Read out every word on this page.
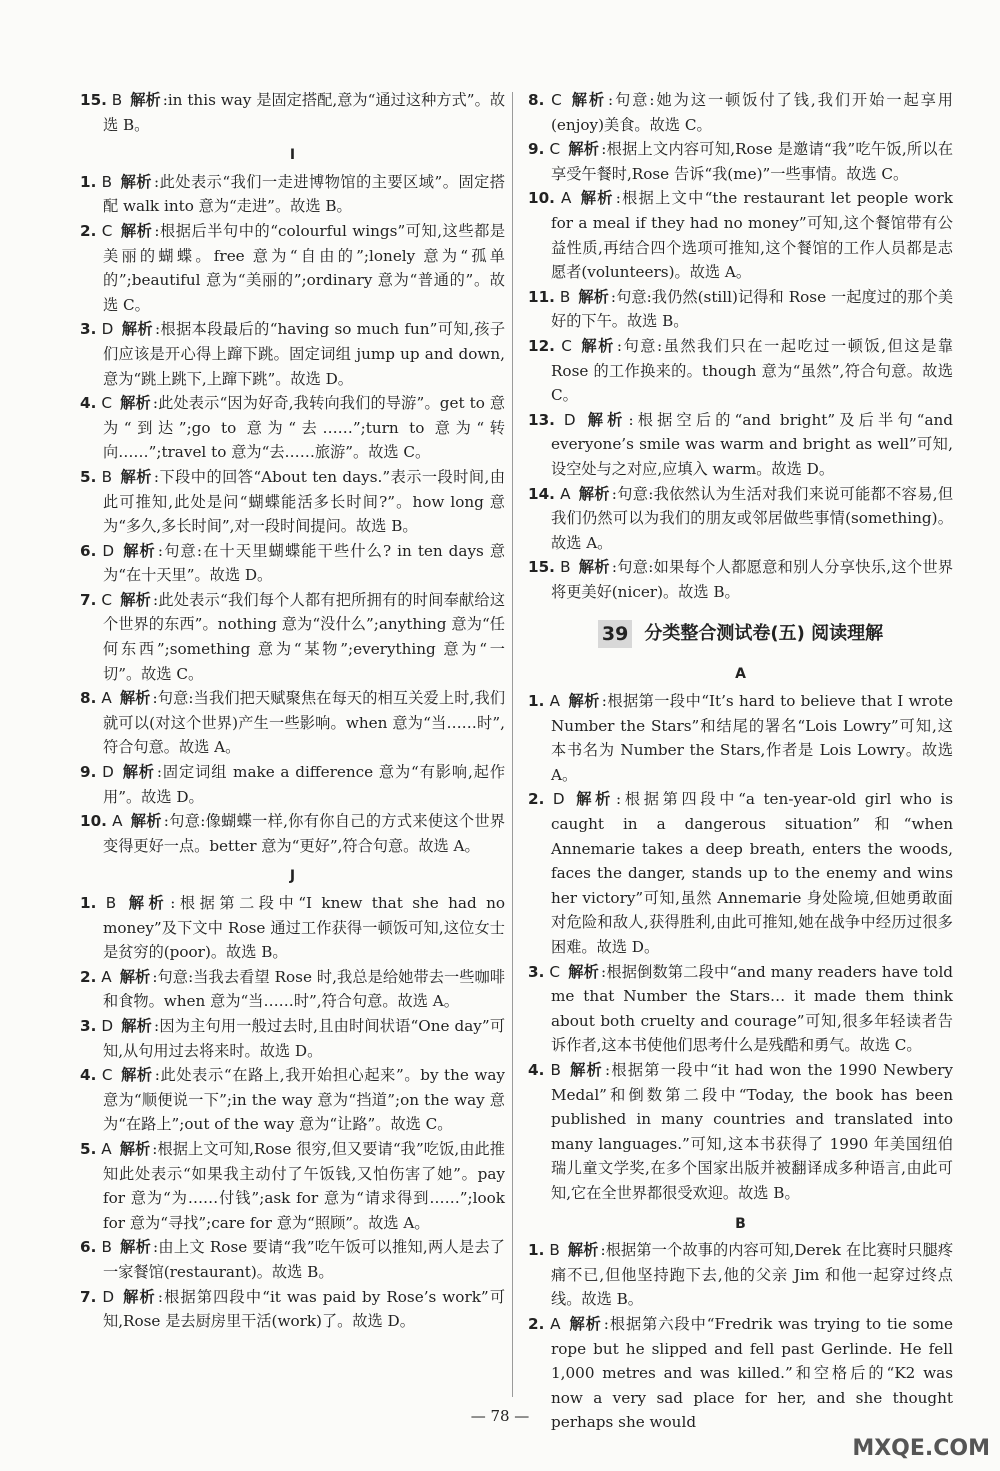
15. B 解析 :in this way 是固定搭配,意为“通过这种方式”。故选 B。

I

1. B 解析 :此处表示“我们一走进博物馆的主要区域”。固定搭配 walk into 意为“走进”。故选 B。

2. C 解析 :根据后半句中的“colourful wings”可知,这些都是美丽的蝴蝶。free 意为“自由的”;lonely 意为“孤单的”;beautiful 意为“美丽的”;ordinary 意为“普通的”。故选 C。

3. D 解析 :根据本段最后的“having so much fun”可知,孩子们应该是开心得上蹿下跳。固定词组 jump up and down,意为“跳上跳下,上蹿下跳”。故选 D。

4. C 解析 :此处表示“因为好奇,我转向我们的导游”。get to 意为“到达”;go to 意为“去……”;turn to 意为“转向……”;travel to 意为“去……旅游”。故选 C。

5. B 解析 :下段中的回答“About ten days.”表示一段时间,由此可推知,此处是问“蝴蝶能活多长时间?”。how long 意为“多久,多长时间”,对一段时间提问。故选 B。

6. D 解析 :句意:在十天里蝴蝶能干些什么? in ten days 意为“在十天里”。故选 D。

7. C 解析 :此处表示“我们每个人都有把所拥有的时间奉献给这个世界的东西”。nothing 意为“没什么”;anything 意为“任何东西”;something 意为“某物”;everything 意为“一切”。故选 C。

8. A 解析 :句意:当我们把天赋聚焦在每天的相互关爱上时,我们就可以(对这个世界)产生一些影响。when 意为“当……时”,符合句意。故选 A。

9. D 解析 :固定词组 make a difference 意为“有影响,起作用”。故选 D。

10. A 解析 :句意:像蝴蝶一样,你有你自己的方式来使这个世界变得更好一点。better 意为“更好”,符合句意。故选 A。

J

1. B 解析 :根据第二段中“I knew that she had no money”及下文中 Rose 通过工作获得一顿饭可知,这位女士是贫穷的(poor)。故选 B。

2. A 解析 :句意:当我去看望 Rose 时,我总是给她带去一些咖啡和食物。when 意为“当……时”,符合句意。故选 A。

3. D 解析 :因为主句用一般过去时,且由时间状语“One day”可知,从句用过去将来时。故选 D。

4. C 解析 :此处表示“在路上,我开始担心起来”。by the way 意为“顺便说一下”;in the way 意为“挡道”;on the way 意为“在路上”;out of the way 意为“让路”。故选 C。

5. A 解析 :根据上文可知,Rose 很穷,但又要请“我”吃饭,由此推知此处表示“如果我主动付了午饭钱,又怕伤害了她”。pay for 意为“为……付钱”;ask for 意为“请求得到……”;look for 意为“寻找”;care for 意为“照顾”。故选 A。

6. B 解析 :由上文 Rose 要请“我”吃午饭可以推知,两人是去了一家餐馆(restaurant)。故选 B。

7. D 解析 :根据第四段中“it was paid by Rose’s work”可知,Rose 是去厨房里干活(work)了。故选 D。

8. C 解析 :句意:她为这一顿饭付了钱,我们开始一起享用(enjoy)美食。故选 C。

9. C 解析 :根据上文内容可知,Rose 是邀请“我”吃午饭,所以在享受午餐时,Rose 告诉“我(me)”一些事情。故选 C。

10. A 解析 :根据上文中“the restaurant let people work for a meal if they had no money”可知,这个餐馆带有公益性质,再结合四个选项可推知,这个餐馆的工作人员都是志愿者(volunteers)。故选 A。

11. B 解析 :句意:我仍然(still)记得和 Rose 一起度过的那个美好的下午。故选 B。

12. C 解析 :句意:虽然我们只在一起吃过一顿饭,但这是靠 Rose 的工作换来的。though 意为“虽然”,符合句意。故选 C。

13. D 解析 :根据空后的“and bright”及后半句“and everyone’s smile was warm and bright as well”可知,设空处与之对应,应填入 warm。故选 D。

14. A 解析 :句意:我依然认为生活对我们来说可能都不容易,但我们仍然可以为我们的朋友或邻居做些事情(something)。故选 A。

15. B 解析 :句意:如果每个人都愿意和别人分享快乐,这个世界将更美好(nicer)。故选 B。

39 分类整合测试卷(五) 阅读理解
A

1. A 解析 :根据第一段中“It’s hard to believe that I wrote Number the Stars”和结尾的署名“Lois Lowry”可知,这本书名为 Number the Stars,作者是 Lois Lowry。故选 A。

2. D 解析 :根据第四段中“a ten-year-old girl who is caught in a dangerous situation”和“when Annemarie takes a deep breath, enters the woods, faces the danger, stands up to the enemy and wins her victory”可知,虽然 Annemarie 身处险境,但她勇敢面对危险和敌人,获得胜利,由此可推知,她在战争中经历过很多困难。故选 D。

3. C 解析 :根据倒数第二段中“and many readers have told me that Number the Stars… it made them think about both cruelty and courage”可知,很多年轻读者告诉作者,这本书使他们思考什么是残酷和勇气。故选 C。

4. B 解析 :根据第一段中“it had won the 1990 Newbery Medal”和倒数第二段中“Today, the book has been published in many countries and translated into many languages.”可知,这本书获得了 1990 年美国纽伯瑞儿童文学奖,在多个国家出版并被翻译成多种语言,由此可知,它在全世界都很受欢迎。故选 B。

B

1. B 解析 :根据第一个故事的内容可知,Derek 在比赛时只腿疼痛不已,但他坚持跑下去,他的父亲 Jim 和他一起穿过终点线。故选 B。

2. A 解析 :根据第六段中“Fredrik was trying to tie some rope but he slipped and fell past Gerlinde. He fell 1,000 metres and was killed.”和空格后的“K2 was now a very sad place for her, and she thought perhaps she would

— 78 —
MXQE.COM
